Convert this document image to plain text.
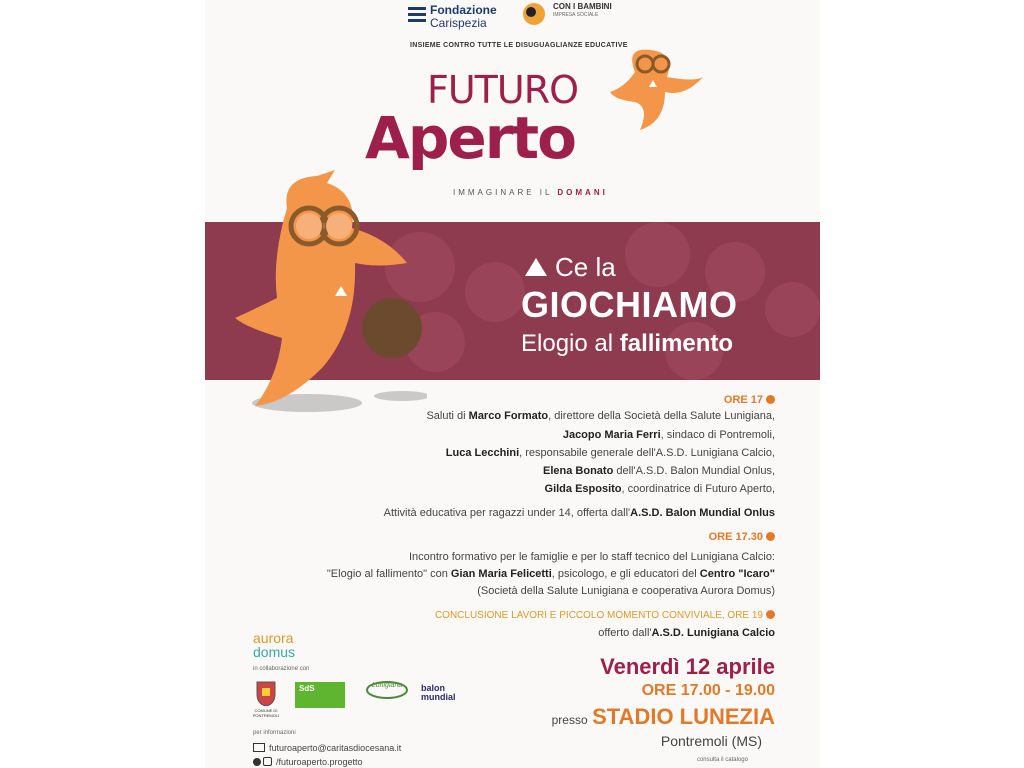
Fondazione
Carispezia
CON I BAMBINI
IMPRESA SOCIALE
INSIEME CONTRO TUTTE LE DISUGUAGLIANZE EDUCATIVE
FUTURO
Aperto
IMMAGINARE IL DOMANI
Ce la
GIOCHIAMO
Elogio al fallimento
ORE 17
Saluti di Marco Formato, direttore della Società della Salute Lunigiana,
Jacopo Maria Ferri, sindaco di Pontremoli,
Luca Lecchini, responsabile generale dell'A.S.D. Lunigiana Calcio,
Elena Bonato dell'A.S.D. Balon Mundial Onlus,
Gilda Esposito, coordinatrice di Futuro Aperto,
Attività educativa per ragazzi under 14, offerta dall'A.S.D. Balon Mundial Onlus
ORE 17.30
Incontro formativo per le famiglie e per lo staff tecnico del Lunigiana Calcio:
"Elogio al fallimento" con Gian Maria Felicetti, psicologo, e gli educatori del Centro "Icaro"
(Società della Salute Lunigiana e cooperativa Aurora Domus)
CONCLUSIONE LAVORI E PICCOLO MOMENTO CONVIVIALE, ORE 19
offerto dall'A.S.D. Lunigiana Calcio
Venerdì 12 aprile
ORE 17.00 - 19.00
presso STADIO LUNEZIA
Pontremoli (MS)
consulta il catalogo
aurora
domus
in collaborazione con
COMUNE DI PONTREMOLI
SdS	Lunigiana	balon mundial
per informazioni
futuroaperto@caritasdiocesana.it
/futuroaperto.progetto
